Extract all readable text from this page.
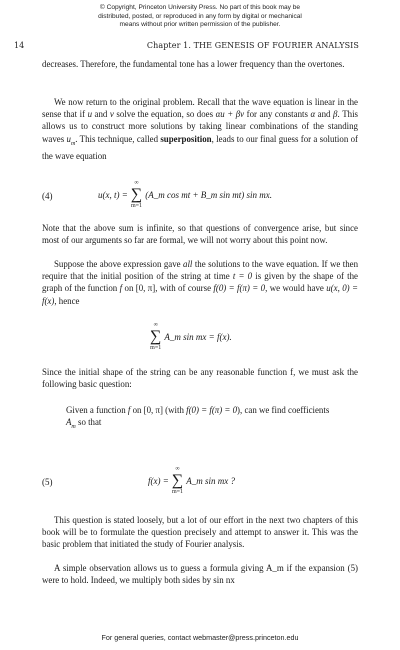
© Copyright, Princeton University Press. No part of this book may be
distributed, posted, or reproduced in any form by digital or mechanical
means without prior written permission of the publisher.
14	Chapter 1. THE GENESIS OF FOURIER ANALYSIS

decreases. Therefore, the fundamental tone has a lower frequency than the overtones.

We now return to the original problem. Recall that the wave equation is linear in the sense that if u and v solve the equation, so does αu + βv for any constants α and β. This allows us to construct more solutions by taking linear combinations of the standing waves $u_m$. This technique, called superposition, leads to our final guess for a solution of the wave equation

(4)	u(x, t) =
∞
∑
m=1
(A_m cos mt + B_m sin mt) sin mx.

Note that the above sum is infinite, so that questions of convergence arise, but since most of our arguments so far are formal, we will not worry about this point now.

Suppose the above expression gave all the solutions to the wave equation. If we then require that the initial position of the string at time t = 0 is given by the shape of the graph of the function f on [0, π], with of course f(0) = f(π) = 0, we would have u(x, 0) = f(x), hence

∞
∑
m=1
A_m sin mx = f(x).

Since the initial shape of the string can be any reasonable function f, we must ask the following basic question:

Given a function f on [0, π] (with f(0) = f(π) = 0), can we find coefficients $A_m$ so that

(5)	f(x) =
∞
∑
m=1
A_m sin mx ?

This question is stated loosely, but a lot of our effort in the next two chapters of this book will be to formulate the question precisely and attempt to answer it. This was the basic problem that initiated the study of Fourier analysis.

A simple observation allows us to guess a formula giving A_m if the expansion (5) were to hold. Indeed, we multiply both sides by sin nx

For general queries, contact webmaster@press.princeton.edu
